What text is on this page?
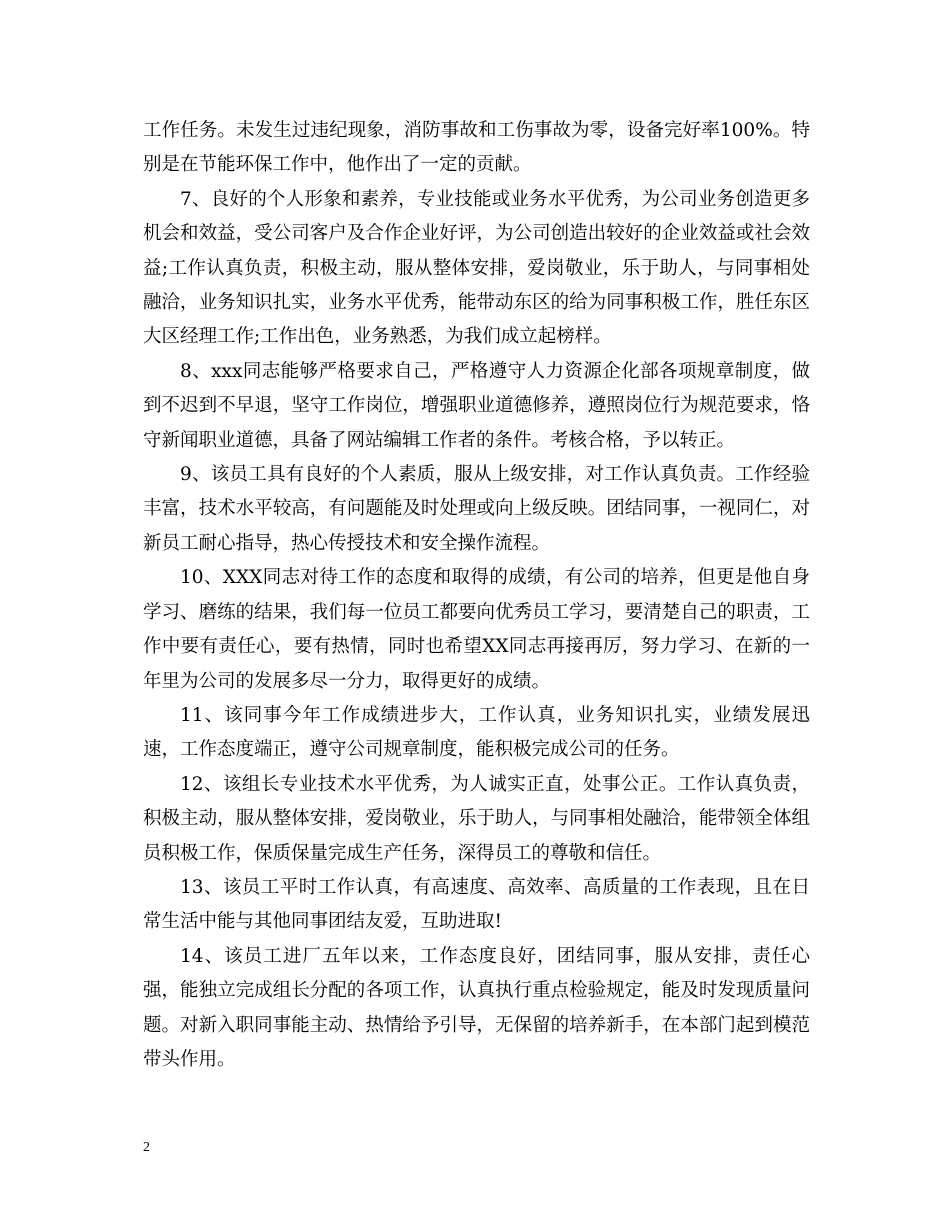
工作任务。未发生过违纪现象，消防事故和工伤事故为零，设备完好率100%。特别是在节能环保工作中，他作出了一定的贡献。

7、良好的个人形象和素养，专业技能或业务水平优秀，为公司业务创造更多机会和效益，受公司客户及合作企业好评，为公司创造出较好的企业效益或社会效益;工作认真负责，积极主动，服从整体安排，爱岗敬业，乐于助人，与同事相处融洽，业务知识扎实，业务水平优秀，能带动东区的给为同事积极工作，胜任东区大区经理工作;工作出色，业务熟悉，为我们成立起榜样。

8、xxx同志能够严格要求自己，严格遵守人力资源企化部各项规章制度，做到不迟到不早退，坚守工作岗位，增强职业道德修养，遵照岗位行为规范要求，恪守新闻职业道德，具备了网站编辑工作者的条件。考核合格，予以转正。

9、该员工具有良好的个人素质，服从上级安排，对工作认真负责。工作经验丰富，技术水平较高，有问题能及时处理或向上级反映。团结同事，一视同仁，对新员工耐心指导，热心传授技术和安全操作流程。

10、XXX同志对待工作的态度和取得的成绩，有公司的培养，但更是他自身学习、磨练的结果，我们每一位员工都要向优秀员工学习，要清楚自己的职责，工作中要有责任心，要有热情，同时也希望XX同志再接再厉，努力学习、在新的一年里为公司的发展多尽一分力，取得更好的成绩。

11、该同事今年工作成绩进步大，工作认真，业务知识扎实，业绩发展迅速，工作态度端正，遵守公司规章制度，能积极完成公司的任务。

12、该组长专业技术水平优秀，为人诚实正直，处事公正。工作认真负责，积极主动，服从整体安排，爱岗敬业，乐于助人，与同事相处融洽，能带领全体组员积极工作，保质保量完成生产任务，深得员工的尊敬和信任。

13、该员工平时工作认真，有高速度、高效率、高质量的工作表现，且在日常生活中能与其他同事团结友爱，互助进取!

14、该员工进厂五年以来，工作态度良好，团结同事，服从安排，责任心强，能独立完成组长分配的各项工作，认真执行重点检验规定，能及时发现质量问题。对新入职同事能主动、热情给予引导，无保留的培养新手，在本部门起到模范带头作用。

2
